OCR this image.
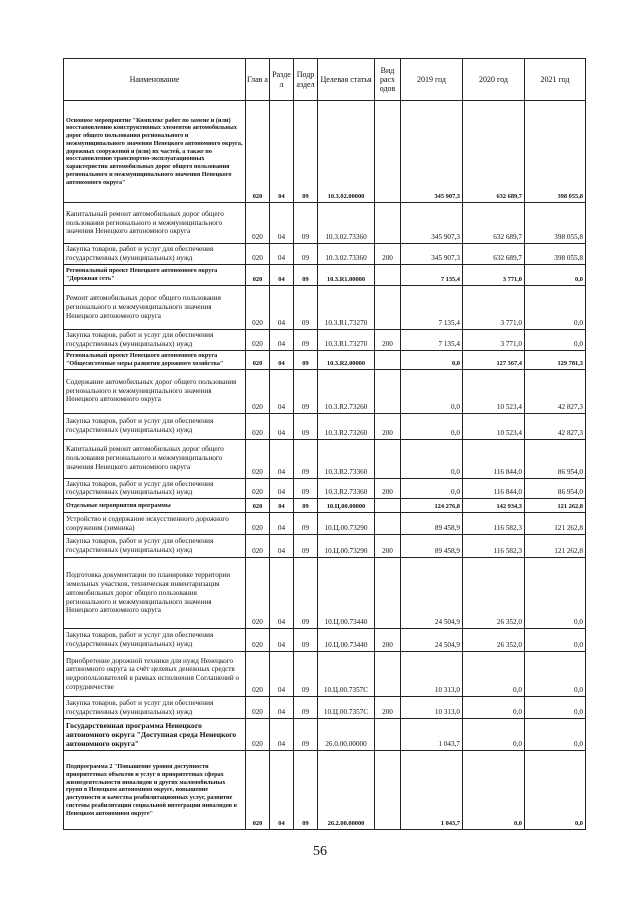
Наименование	Глав а	Разде л	Подр аздел	Целевая статья	Вид расх одов	2019 год	2020 год	2021 год
Основное мероприятие "Комплекс работ по замене и (или) восстановлению конструктивных элементов автомобильных дорог общего пользования регионального и межмуниципального значения Ненецкого автономного округа, дорожных сооружений и (или) их частей, а также по восстановлению транспортно-эксплуатационных характеристик автомобильных дорог общего пользования регионального и межмуниципального значения Ненецкого автономного округа"	020	04	09	10.3.02.00000		345 907,3	632 689,7	398 055,8
Капитальный ремонт автомобильных дорог общего пользования регионального и межмуниципального значения Ненецкого автономного округа	020	04	09	10.3.02.73360		345 907,3	632 689,7	398 055,8
Закупка товаров, работ и услуг для обеспечения государственных (муниципальных) нужд	020	04	09	10.3.02.73360	200	345 907,3	632 689,7	398 055,8
Региональный проект Ненецкого автономного округа "Дорожная сеть"	020	04	09	10.3.R1.00000		7 135,4	3 771,0	0,0
Ремонт автомобильных дорог общего пользования регионального и межмуниципального значения Ненецкого автономного округа	020	04	09	10.3.R1.73270		7 135,4	3 771,0	0,0
Закупка товаров, работ и услуг для обеспечения государственных (муниципальных) нужд	020	04	09	10.3.R1.73270	200	7 135,4	3 771,0	0,0
Региональный проект Ненецкого автономного округа "Общесистемные меры развития дорожного хозяйства"	020	04	09	10.3.R2.00000		0,0	127 367,4	129 781,3
Содержание автомобильных дорог общего пользования регионального и межмуниципального значения Ненецкого автономного округа	020	04	09	10.3.R2.73260		0,0	10 523,4	42 827,3
Закупка товаров, работ и услуг для обеспечения государственных (муниципальных) нужд	020	04	09	10.3.R2.73260	200	0,0	10 523,4	42 827,3
Капитальный ремонт автомобильных дорог общего пользования регионального и межмуниципального значения Ненецкого автономного округа	020	04	09	10.3.R2.73360		0,0	116 844,0	86 954,0
Закупка товаров, работ и услуг для обеспечения государственных (муниципальных) нужд	020	04	09	10.3.R2.73360	200	0,0	116 844,0	86 954,0
Отдельные мероприятия программы	020	04	09	10.Ц.00.00000		124 276,8	142 934,3	121 262,8
Устройство и содержание искусственного дорожного сооружения (зимника)	020	04	09	10.Ц.00.73290		89 458,9	116 582,3	121 262,8
Закупка товаров, работ и услуг для обеспечения государственных (муниципальных) нужд	020	04	09	10.Ц.00.73290	200	89 458,9	116 582,3	121 262,8
Подготовка документации по планировке территории земельных участков, техническая инвентаризация автомобильных дорог общего пользования регионального и межмуниципального значения Ненецкого автономного округа	020	04	09	10.Ц.00.73440		24 504,9	26 352,0	0,0
Закупка товаров, работ и услуг для обеспечения государственных (муниципальных) нужд	020	04	09	10.Ц.00.73440	200	24 504,9	26 352,0	0,0
Приобретение дорожной техники для нужд Ненецкого автономного округа за счёт целевых денежных средств недропользователей в рамках исполнения Соглашений о сотрудничестве	020	04	09	10.Ц.00.7357С		10 313,0	0,0	0,0
Закупка товаров, работ и услуг для обеспечения государственных (муниципальных) нужд	020	04	09	10.Ц.00.7357С	200	10 313,0	0,0	0,0
Государственная программа Ненецкого автономного округа "Доступная среда Ненецкого автономного округа"	020	04	09	26.0.00.00000		1 043,7	0,0	0,0
Подпрограмма 2 "Повышение уровня доступности приоритетных объектов и услуг в приоритетных сферах жизнедеятельности инвалидов и других маломобильных групп в Ненецком автономном округе, повышение доступности и качества реабилитационных услуг, развитие системы реабилитации социальной интеграции инвалидов в Ненецком автономном округе"	020	04	09	26.2.00.00000		1 043,7	0,0	0,0
56
